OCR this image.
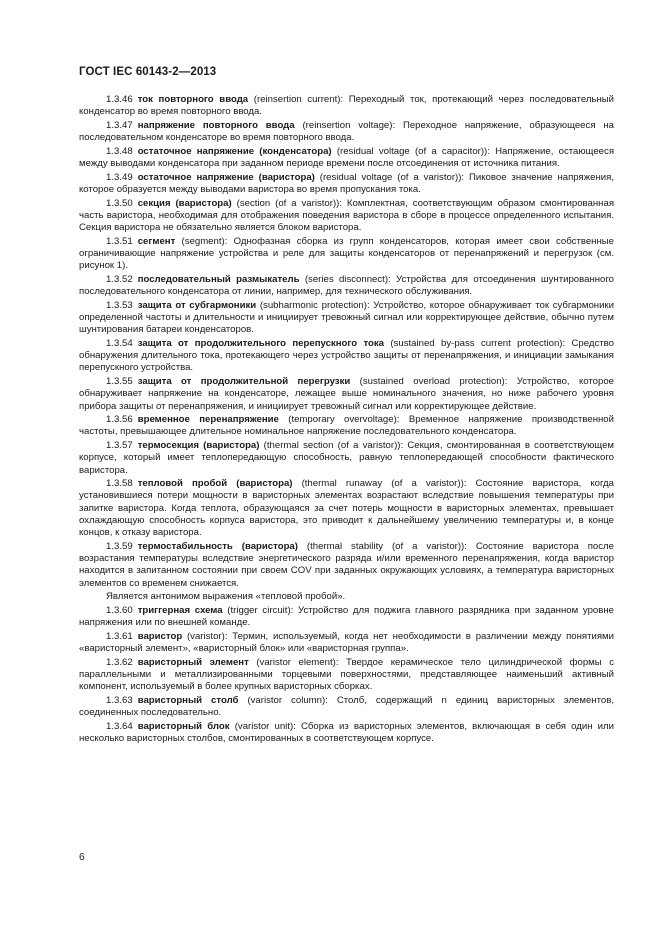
ГОСТ IEC 60143-2—2013

1.3.46 ток повторного ввода (reinsertion current): Переходный ток, протекающий через последовательный конденсатор во время повторного ввода.

1.3.47 напряжение повторного ввода (reinsertion voltage): Переходное напряжение, образующееся на последовательном конденсаторе во время повторного ввода.

1.3.48 остаточное напряжение (конденсатора) (residual voltage (of a capacitor)): Напряжение, остающееся между выводами конденсатора при заданном периоде времени после отсоединения от источника питания.

1.3.49 остаточное напряжение (варистора) (residual voltage (of a varistor)): Пиковое значение напряжения, которое образуется между выводами варистора во время пропускания тока.

1.3.50 секция (варистора) (section (of a varistor)): Комплектная, соответствующим образом смонтированная часть варистора, необходимая для отображения поведения варистора в сборе в процессе определенного испытания. Секция варистора не обязательно является блоком варистора.

1.3.51 сегмент (segment): Однофазная сборка из групп конденсаторов, которая имеет свои собственные ограничивающие напряжение устройства и реле для защиты конденсаторов от перенапряжений и перегрузок (см. рисунок 1).

1.3.52 последовательный размыкатель (series disconnect): Устройства для отсоединения шунтированного последовательного конденсатора от линии, например, для технического обслуживания.

1.3.53 защита от субгармоники (subharmonic protection): Устройство, которое обнаруживает ток субгармоники определенной частоты и длительности и инициирует тревожный сигнал или корректирующее действие, обычно путем шунтирования батареи конденсаторов.

1.3.54 защита от продолжительного перепускного тока (sustained by-pass current protection): Средство обнаружения длительного тока, протекающего через устройство защиты от перенапряжения, и инициации замыкания перепускного устройства.

1.3.55 защита от продолжительной перегрузки (sustained overload protection): Устройство, которое обнаруживает напряжение на конденсаторе, лежащее выше номинального значения, но ниже рабочего уровня прибора защиты от перенапряжения, и инициирует тревожный сигнал или корректирующее действие.

1.3.56 временное перенапряжение (temporary overvoltage): Временное напряжение производственной частоты, превышающее длительное номинальное напряжение последовательного конденсатора.

1.3.57 термосекция (варистора) (thermal section (of a varistor)): Секция, смонтированная в соответствующем корпусе, который имеет теплопередающую способность, равную теплопередающей способности фактического варистора.

1.3.58 тепловой пробой (варистора) (thermal runaway (of a varistor)): Состояние варистора, когда установившиеся потери мощности в варисторных элементах возрастают вследствие повышения температуры при запитке варистора. Когда теплота, образующаяся за счет потерь мощности в варисторных элементах, превышает охлаждающую способность корпуса варистора, это приводит к дальнейшему увеличению температуры и, в конце концов, к отказу варистора.

1.3.59 термостабильность (варистора) (thermal stability (of a varistor)): Состояние варистора после возрастания температуры вследствие энергетического разряда и/или временного перенапряжения, когда варистор находится в запитанном состоянии при своем COV при заданных окружающих условиях, а температура варисторных элементов со временем снижается.

Является антонимом выражения «тепловой пробой».

1.3.60 триггерная схема (trigger circuit): Устройство для поджига главного разрядника при заданном уровне напряжения или по внешней команде.

1.3.61 варистор (varistor): Термин, используемый, когда нет необходимости в различении между понятиями «варисторный элемент», «варисторный блок» или «варисторная группа».

1.3.62 варисторный элемент (varistor element): Твердое керамическое тело цилиндрической формы с параллельными и металлизированными торцевыми поверхностями, представляющее наименьший активный компонент, используемый в более крупных варисторных сборках.

1.3.63 варисторный столб (varistor column): Столб, содержащий n единиц варисторных элементов, соединенных последовательно.

1.3.64 варисторный блок (varistor unit): Сборка из варисторных элементов, включающая в себя один или несколько варисторных столбов, смонтированных в соответствующем корпусе.

6
